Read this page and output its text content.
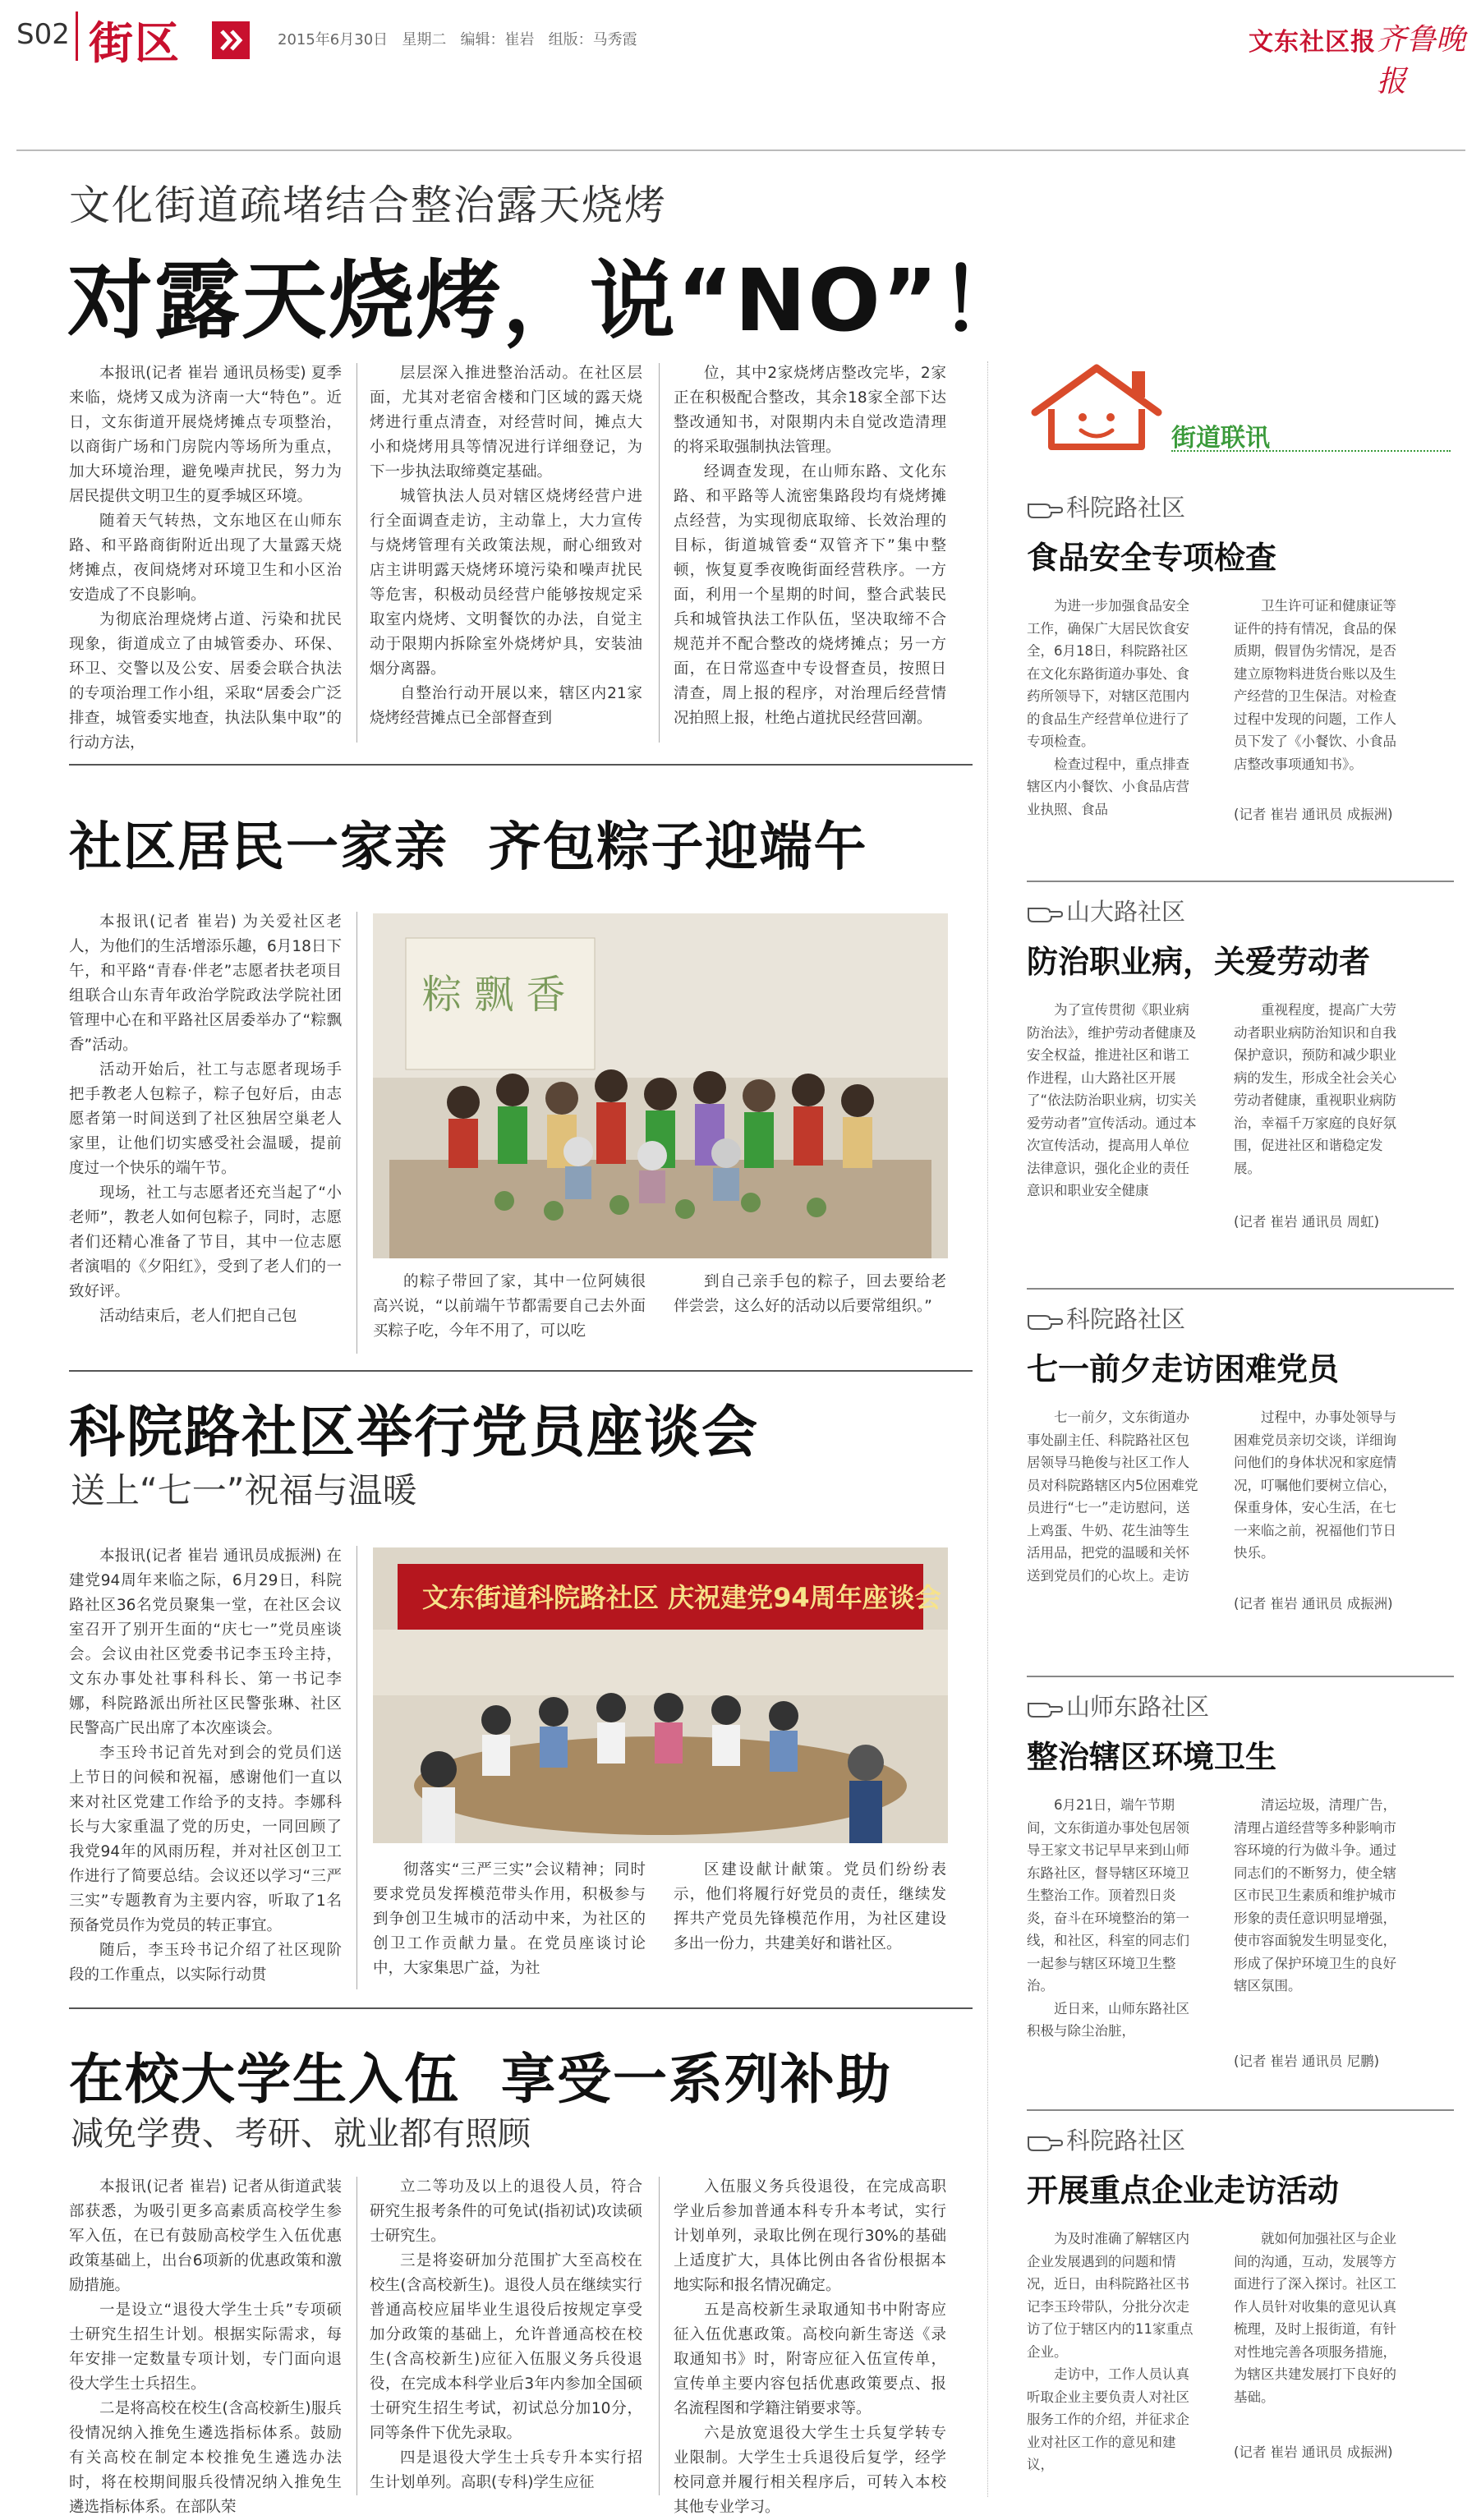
S02 街区	2015年6月30日   星期二   编辑：崔岩   组版：马秀霞	文东社区报 齐鲁晚报
文化街道疏堵结合整治露天烧烤
对露天烧烤，说“NO”！

本报讯(记者 崔岩 通讯员杨雯) 夏季来临，烧烤又成为济南一大“特色”。近日，文东街道开展烧烤摊点专项整治，以商街广场和门房院内等场所为重点，加大环境治理，避免噪声扰民，努力为居民提供文明卫生的夏季城区环境。

随着天气转热，文东地区在山师东路、和平路商街附近出现了大量露天烧烤摊点，夜间烧烤对环境卫生和小区治安造成了不良影响。

为彻底治理烧烤占道、污染和扰民现象，街道成立了由城管委办、环保、环卫、交警以及公安、居委会联合执法的专项治理工作小组，采取“居委会广泛排查，城管委实地查，执法队集中取”的行动方法，

层层深入推进整治活动。在社区层面，尤其对老宿舍楼和门区域的露天烧烤进行重点清查，对经营时间，摊点大小和烧烤用具等情况进行详细登记，为下一步执法取缔奠定基础。

城管执法人员对辖区烧烤经营户进行全面调查走访，主动靠上，大力宣传与烧烤管理有关政策法规，耐心细致对店主讲明露天烧烤环境污染和噪声扰民等危害，积极动员经营户能够按规定采取室内烧烤、文明餐饮的办法，自觉主动于限期内拆除室外烧烤炉具，安装油烟分离器。

自整治行动开展以来，辖区内21家烧烤经营摊点已全部督查到

位，其中2家烧烤店整改完毕，2家正在积极配合整改，其余18家全部下达整改通知书，对限期内未自觉改造清理的将采取强制执法管理。

经调查发现，在山师东路、文化东路、和平路等人流密集路段均有烧烤摊点经营，为实现彻底取缔、长效治理的目标，街道城管委“双管齐下”集中整顿，恢复夏季夜晚街面经营秩序。一方面，利用一个星期的时间，整合武装民兵和城管执法工作队伍，坚决取缔不合规范并不配合整改的烧烤摊点；另一方面，在日常巡查中专设督查员，按照日清查，周上报的程序，对治理后经营情况拍照上报，杜绝占道扰民经营回潮。

社区居民一家亲  齐包粽子迎端午

本报讯(记者 崔岩) 为关爱社区老人，为他们的生活增添乐趣，6月18日下午，和平路“青春·伴老”志愿者扶老项目组联合山东青年政治学院政法学院社团管理中心在和平路社区居委举办了“粽飘香”活动。

活动开始后，社工与志愿者现场手把手教老人包粽子，粽子包好后，由志愿者第一时间送到了社区独居空巢老人家里，让他们切实感受社会温暖，提前度过一个快乐的端午节。

现场，社工与志愿者还充当起了“小老师”，教老人如何包粽子，同时，志愿者们还精心准备了节目，其中一位志愿者演唱的《夕阳红》，受到了老人们的一致好评。

活动结束后，老人们把自己包

粽 飘 香

的粽子带回了家，其中一位阿姨很高兴说，“以前端午节都需要自己去外面买粽子吃，今年不用了，可以吃

到自己亲手包的粽子，回去要给老伴尝尝，这么好的活动以后要常组织。”

科院路社区举行党员座谈会
送上“七一”祝福与温暖

本报讯(记者 崔岩 通讯员成振洲) 在建党94周年来临之际，6月29日，科院路社区36名党员聚集一堂，在社区会议室召开了别开生面的“庆七一”党员座谈会。会议由社区党委书记李玉玲主持，文东办事处社事科科长、第一书记李娜，科院路派出所社区民警张琳、社区民警高广民出席了本次座谈会。

李玉玲书记首先对到会的党员们送上节日的问候和祝福，感谢他们一直以来对社区党建工作给予的支持。李娜科长与大家重温了党的历史，一同回顾了我党94年的风雨历程，并对社区创卫工作进行了简要总结。会议还以学习“三严三实”专题教育为主要内容，听取了1名预备党员作为党员的转正事宜。

随后，李玉玲书记介绍了社区现阶段的工作重点，以实际行动贯

文东街道科院路社区 庆祝建党94周年座谈会

彻落实“三严三实”会议精神；同时要求党员发挥模范带头作用，积极参与到争创卫生城市的活动中来，为社区的创卫工作贡献力量。在党员座谈讨论中，大家集思广益，为社

区建设献计献策。党员们纷纷表示，他们将履行好党员的责任，继续发挥共产党员先锋模范作用，为社区建设多出一份力，共建美好和谐社区。

在校大学生入伍  享受一系列补助
减免学费、考研、就业都有照顾

本报讯(记者 崔岩) 记者从街道武装部获悉，为吸引更多高素质高校学生参军入伍，在已有鼓励高校学生入伍优惠政策基础上，出台6项新的优惠政策和激励措施。

一是设立“退役大学生士兵”专项硕士研究生招生计划。根据实际需求，每年安排一定数量专项计划，专门面向退役大学生士兵招生。

二是将高校在校生(含高校新生)服兵役情况纳入推免生遴选指标体系。鼓励有关高校在制定本校推免生遴选办法时，将在校期间服兵役情况纳入推免生遴选指标体系。在部队荣

立二等功及以上的退役人员，符合研究生报考条件的可免试(指初试)攻读硕士研究生。

三是将姿研加分范围扩大至高校在校生(含高校新生)。退役人员在继续实行普通高校应届毕业生退役后按规定享受加分政策的基础上，允许普通高校在校生(含高校新生)应征入伍服义务兵役退役，在完成本科学业后3年内参加全国硕士研究生招生考试，初试总分加10分，同等条件下优先录取。

四是退役大学生士兵专升本实行招生计划单列。高职(专科)学生应征

入伍服义务兵役退役，在完成高职学业后参加普通本科专升本考试，实行计划单列，录取比例在现行30%的基础上适度扩大，具体比例由各省份根据本地实际和报名情况确定。

五是高校新生录取通知书中附寄应征入伍优惠政策。高校向新生寄送《录取通知书》时，附寄应征入伍宣传单，宣传单主要内容包括优惠政策要点、报名流程图和学籍注销要求等。

六是放宽退役大学生士兵复学转专业限制。大学生士兵退役后复学，经学校同意并履行相关程序后，可转入本校其他专业学习。

街道联讯
科院路社区
食品安全专项检查

为进一步加强食品安全工作，确保广大居民饮食安全，6月18日，科院路社区在文化东路街道办事处、食药所领导下，对辖区范围内的食品生产经营单位进行了专项检查。

检查过程中，重点排查辖区内小餐饮、小食品店营业执照、食品

卫生许可证和健康证等证件的持有情况，食品的保质期，假冒伪劣情况，是否建立原物料进货台账以及生产经营的卫生保洁。对检查过程中发现的问题，工作人员下发了《小餐饮、小食品店整改事项通知书》。

(记者 崔岩 通讯员 成振洲)
山大路社区
防治职业病，关爱劳动者

为了宣传贯彻《职业病防治法》，维护劳动者健康及安全权益，推进社区和谐工作进程，山大路社区开展了“依法防治职业病，切实关爱劳动者”宣传活动。通过本次宣传活动，提高用人单位法律意识，强化企业的责任意识和职业安全健康

重视程度，提高广大劳动者职业病防治知识和自我保护意识，预防和减少职业病的发生，形成全社会关心劳动者健康，重视职业病防治，幸福千万家庭的良好氛围，促进社区和谐稳定发展。

(记者 崔岩 通讯员 周虹)
科院路社区
七一前夕走访困难党员

七一前夕，文东街道办事处副主任、科院路社区包居领导马艳俊与社区工作人员对科院路辖区内5位困难党员进行“七一”走访慰问，送上鸡蛋、牛奶、花生油等生活用品，把党的温暖和关怀送到党员们的心坎上。走访

过程中，办事处领导与困难党员亲切交谈，详细询问他们的身体状况和家庭情况，叮嘱他们要树立信心，保重身体，安心生活，在七一来临之前，祝福他们节日快乐。

(记者 崔岩 通讯员 成振洲)
山师东路社区
整治辖区环境卫生

6月21日，端午节期间，文东街道办事处包居领导王家文书记早早来到山师东路社区，督导辖区环境卫生整治工作。顶着烈日炎炎，奋斗在环境整治的第一线，和社区，科室的同志们一起参与辖区环境卫生整治。

近日来，山师东路社区积极与除尘治脏，

清运垃圾，清理广告，清理占道经营等多种影响市容环境的行为做斗争。通过同志们的不断努力，使全辖区市民卫生素质和维护城市形象的责任意识明显增强，使市容面貌发生明显变化，形成了保护环境卫生的良好辖区氛围。

(记者 崔岩 通讯员 尼鹏)
科院路社区
开展重点企业走访活动

为及时准确了解辖区内企业发展遇到的问题和情况，近日，由科院路社区书记李玉玲带队，分批分次走访了位于辖区内的11家重点企业。

走访中，工作人员认真听取企业主要负责人对社区服务工作的介绍，并征求企业对社区工作的意见和建议，

就如何加强社区与企业间的沟通，互动，发展等方面进行了深入探讨。社区工作人员针对收集的意见认真梳理，及时上报街道，有针对性地完善各项服务措施，为辖区共建发展打下良好的基础。

(记者 崔岩 通讯员 成振洲)
